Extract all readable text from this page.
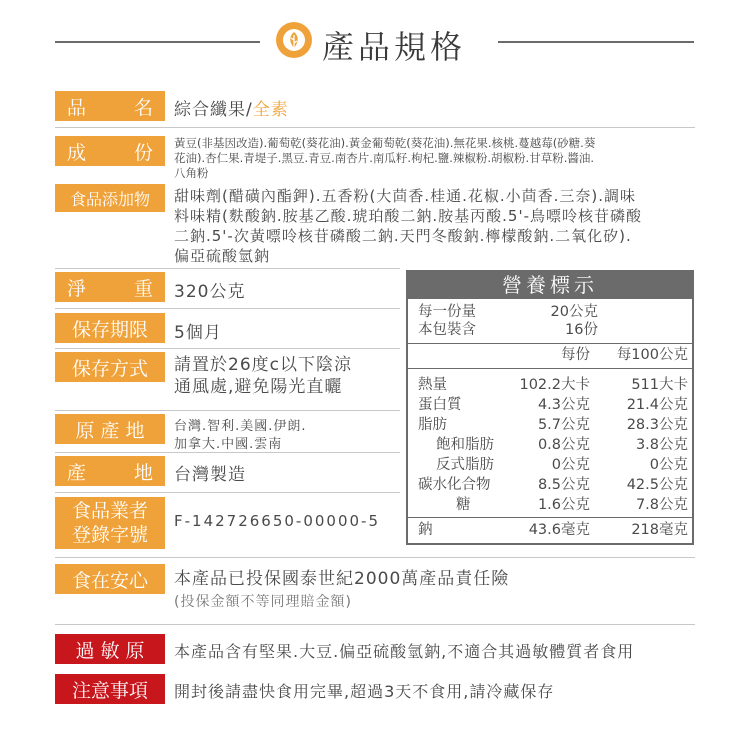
產品規格
品	名 綜合纖果/全素
成	份 黃豆(非基因改造).葡萄乾(葵花油).黃金葡萄乾(葵花油).無花果.核桃.蔓越莓(砂糖.葵
花油).杏仁果.青堤子.黑豆.青豆.南杏片.南瓜籽.枸杞.鹽.辣椒粉.胡椒粉.甘草粉.醬油.
八角粉
食品添加物 甜味劑(醋磺內酯鉀).五香粉(大茴香.桂通.花椒.小茴香.三奈).調味
料味精(麩酸鈉.胺基乙酸.琥珀酸二鈉.胺基丙酸.5'-鳥嘌呤核苷磷酸
二鈉.5'-次黃嘌呤核苷磷酸二鈉.天門冬酸鈉.檸檬酸鈉.二氧化矽).
偏亞硫酸氫鈉
淨	重 320公克
保存期限 5個月
保存方式 請置於26度c以下陰涼
通風處,避免陽光直曬
原 產 地 台灣.智利.美國.伊朗.
加拿大.中國.雲南
產	地 台灣製造
食品業者
登錄字號
F-142726650-00000-5
食在安心 本產品已投保國泰世紀2000萬產品責任險
(投保金額不等同理賠金額)
過 敏 原 本產品含有堅果.大豆.偏亞硫酸氫鈉,不適合其過敏體質者食用
注意事項 開封後請盡快食用完畢,超過3天不食用,請冷藏保存
營養標示
每一份量	20公克
本包裝含	16份
每份	每100公克
熱量	102.2大卡	511大卡
蛋白質	4.3公克	21.4公克
脂肪	5.7公克	28.3公克
飽和脂肪	0.8公克	3.8公克
反式脂肪	0公克	0公克
碳水化合物	8.5公克	42.5公克
糖	1.6公克	7.8公克
鈉	43.6毫克	218毫克
